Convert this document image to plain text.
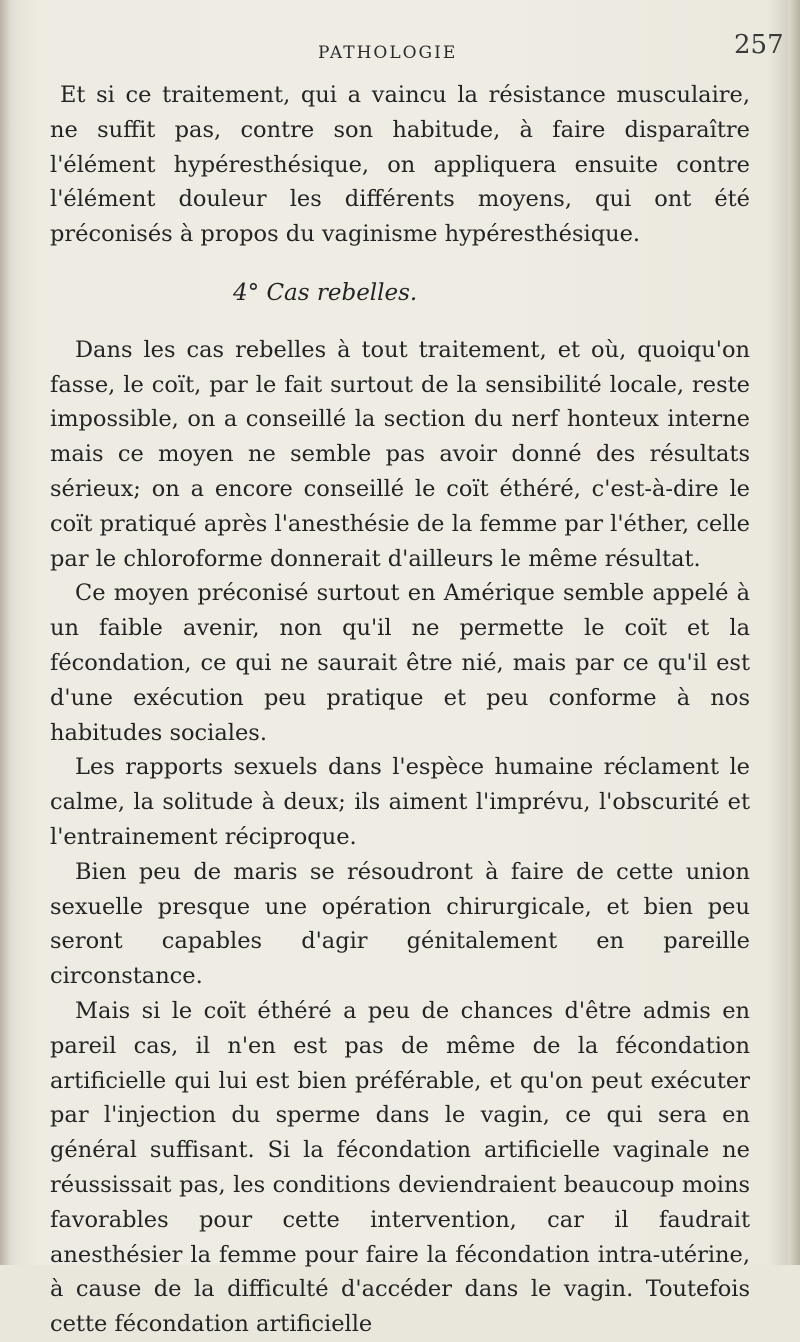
PATHOLOGIE	257

Et si ce traitement, qui a vaincu la résistance musculaire, ne suffit pas, contre son habitude, à faire disparaître l'élément hypéresthésique, on appliquera ensuite contre l'élément douleur les différents moyens, qui ont été préconisés à propos du vaginisme hypéresthésique.

4° Cas rebelles.

Dans les cas rebelles à tout traitement, et où, quoiqu'on fasse, le coït, par le fait surtout de la sensibilité locale, reste impossible, on a conseillé la section du nerf honteux interne mais ce moyen ne semble pas avoir donné des résultats sérieux; on a encore conseillé le coït éthéré, c'est-à-dire le coït pratiqué après l'anesthésie de la femme par l'éther, celle par le chloroforme donnerait d'ailleurs le même résultat.

Ce moyen préconisé surtout en Amérique semble appelé à un faible avenir, non qu'il ne permette le coït et la fécondation, ce qui ne saurait être nié, mais par ce qu'il est d'une exécution peu pratique et peu conforme à nos habitudes sociales.

Les rapports sexuels dans l'espèce humaine réclament le calme, la solitude à deux; ils aiment l'imprévu, l'obscurité et l'entrainement réciproque.

Bien peu de maris se résoudront à faire de cette union sexuelle presque une opération chirurgicale, et bien peu seront capables d'agir génitalement en pareille circonstance.

Mais si le coït éthéré a peu de chances d'être admis en pareil cas, il n'en est pas de même de la fécondation artificielle qui lui est bien préférable, et qu'on peut exécuter par l'injection du sperme dans le vagin, ce qui sera en général suffisant. Si la fécondation artificielle vaginale ne réussissait pas, les conditions deviendraient beaucoup moins favorables pour cette intervention, car il faudrait anesthésier la femme pour faire la fécondation intra-utérine, à cause de la difficulté d'accéder dans le vagin. Toutefois cette fécondation artificielle
